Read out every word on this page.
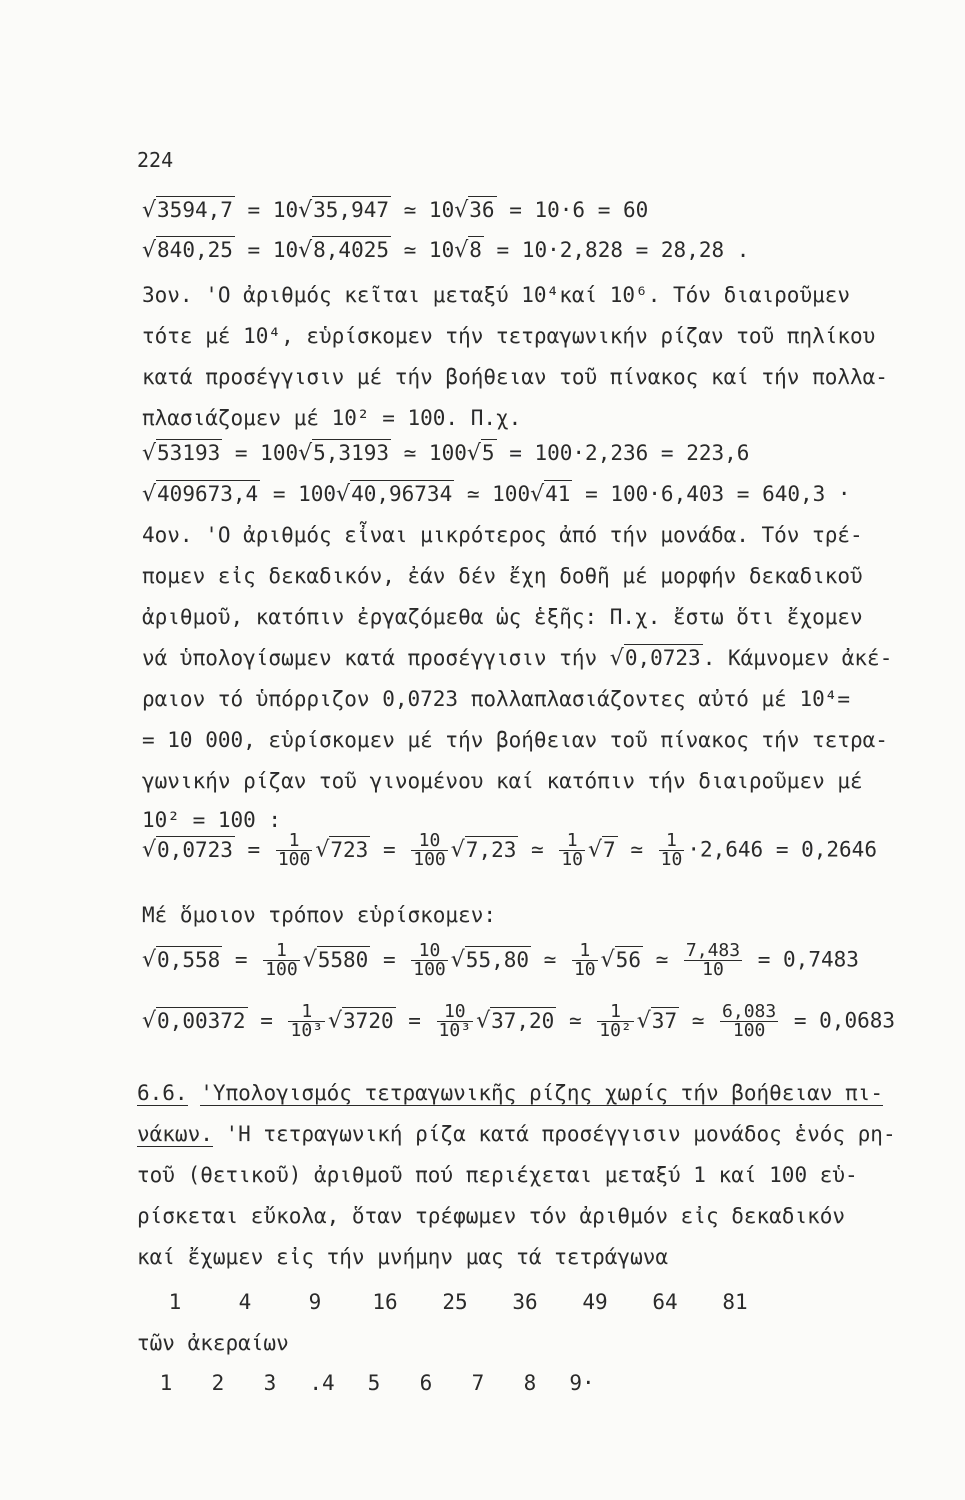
224
√3594,7 = 10√35,947 ≃ 10√36 = 10·6 = 60
√840,25 = 10√8,4025 ≃ 10√8 = 10·2,828 = 28,28 .
3ον. 'Ο ἀριθμός κεῖται μεταξύ 10⁴καί 10⁶. Τόν διαιροῦμεν
τότε μέ 10⁴, εὑρίσκομεν τήν τετραγωνικήν ρίζαν τοῦ πηλίκου
κατά προσέγγισιν μέ τήν βοήθειαν τοῦ πίνακος καί τήν πολλα-
πλασιάζομεν μέ 10² = 100. Π.χ.
√53193 = 100√5,3193 ≃ 100√5 = 100·2,236 = 223,6
√409673,4 = 100√40,96734 ≃ 100√41 = 100·6,403 = 640,3 ·
4ον. 'Ο ἀριθμός εἶναι μικρότερος ἀπό τήν μονάδα. Τόν τρέ-
πομεν εἰς δεκαδικόν, ἐάν δέν ἔχη δοθῆ μέ μορφήν δεκαδικοῦ
ἀριθμοῦ, κατόπιν ἐργαζόμεθα ὡς ἑξῆς: Π.χ. ἔστω ὅτι ἔχομεν
νά ὑπολογίσωμεν κατά προσέγγισιν τήν √0,0723. Κάμνομεν ἀκέ-
ραιον τό ὑπόρριζον 0,0723 πολλαπλασιάζοντες αὐτό μέ 10⁴=
= 10 000, εὑρίσκομεν μέ τήν βοήθειαν τοῦ πίνακος τήν τετρα-
γωνικήν ρίζαν τοῦ γινομένου καί κατόπιν τήν διαιροῦμεν μέ
10² = 100 :
$√0,0723 = \frac{1}{100} √723 = \frac{10}{100} √7,23$ ≃ $\frac{1}{10} √7$ ≃ $\frac{1}{10} \cdot 2,646 = 0,2646$
Μέ ὅμοιον τρόπον εὑρίσκομεν:
$√0,558 = \frac{1}{100} √5580 = \frac{10}{100} √55,80$ ≃ $\frac{1}{10} √56$ ≃ $\frac{7,483}{10} = 0,7483$
$√0,00372 = \frac{1}{\text{10³}} √3720 = \frac{10}{\text{10³}} √37,20$ ≃ $\frac{1}{\text{10²}} √37$ ≃ $\frac{6,083}{100} = 0,0683$
6.6. 'Υπολογισμός τετραγωνικῆς ρίζης χωρίς τήν βοήθειαν πι-
νάκων. 'Η τετραγωνική ρίζα κατά προσέγγισιν μονάδος ἑνός ρη-
τοῦ (θετικοῦ) ἀριθμοῦ πού περιέχεται μεταξύ 1 καί 100 εὑ-
ρίσκεται εὔκολα, ὅταν τρέφωμεν τόν ἀριθμόν εἰς δεκαδικόν
καί ἔχωμεν εἰς τήν μνήμην μας τά τετράγωνα
1	4	9 16 25 36 49 64 81
τῶν ἀκεραίων
1 2 3 .4 5 6 7 8 9·
